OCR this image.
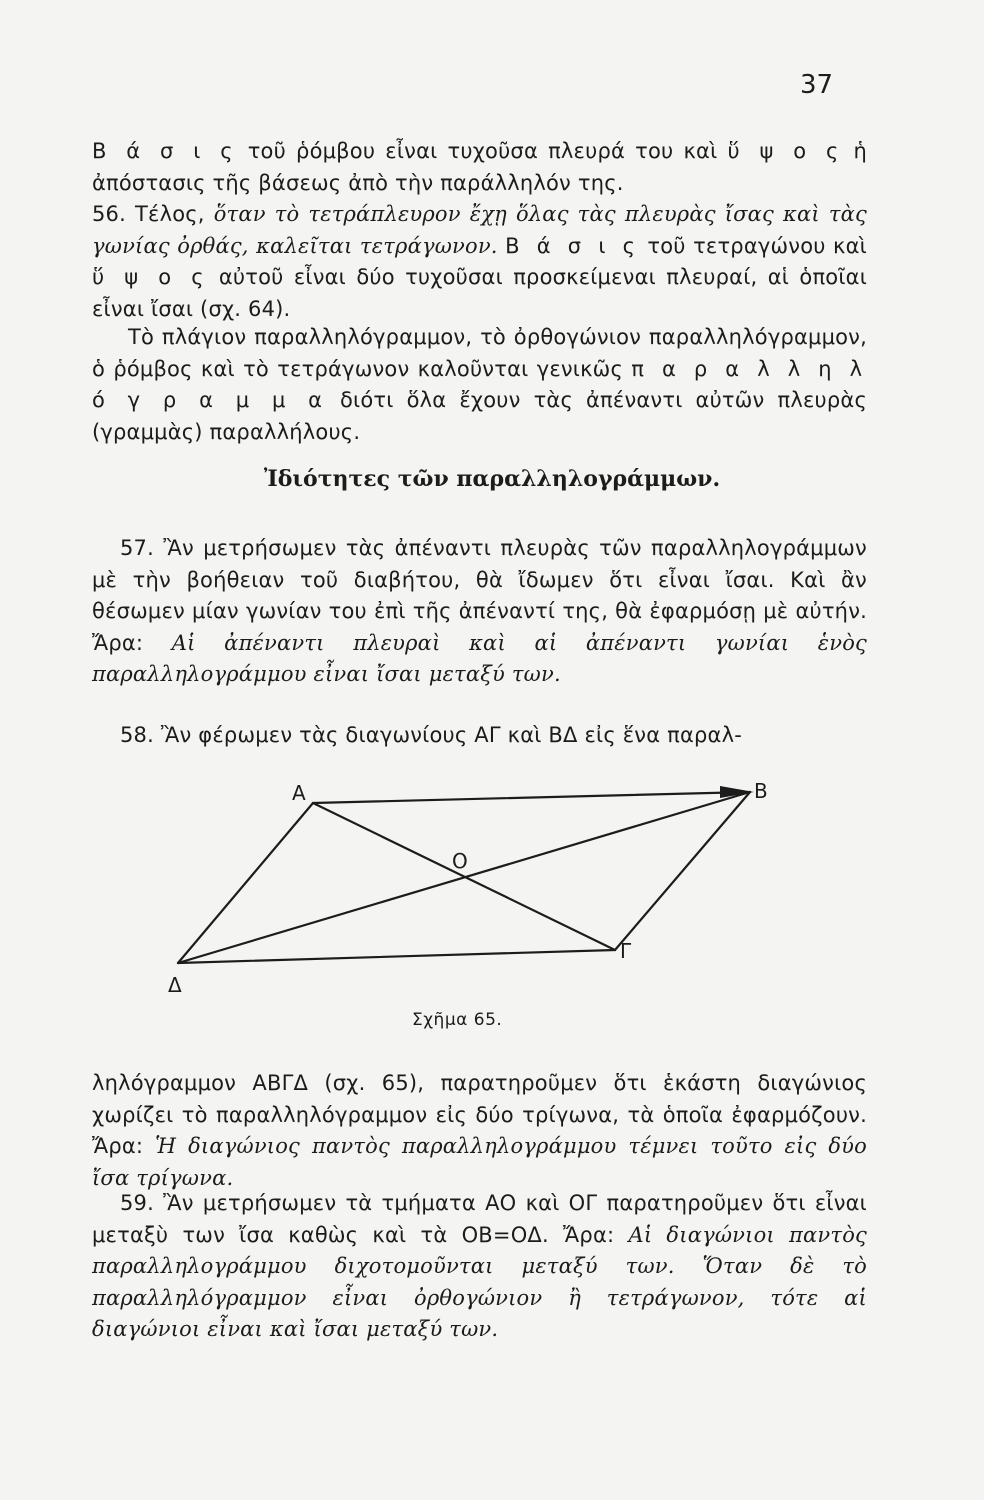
37

Β ά σ ι ς τοῦ ῥόμβου εἶναι τυχοῦσα πλευρά του καὶ ὕ ψ ο ς ἡ ἀπόστασις τῆς βάσεως ἀπὸ τὴν παράλληλόν της.

56. Τέλος, ὅταν τὸ τετράπλευρον ἔχῃ ὅλας τὰς πλευρὰς ἴσας καὶ τὰς γωνίας ὀρθάς, καλεῖται τετράγωνον. Β ά σ ι ς τοῦ τετραγώνου καὶ ὕ ψ ο ς αὐτοῦ εἶναι δύο τυχοῦσαι προσκείμεναι πλευραί, αἱ ὁποῖαι εἶναι ἴσαι (σχ. 64).

Τὸ πλάγιον παραλληλόγραμμον, τὸ ὀρθογώνιον παραλληλόγραμμον, ὁ ῥόμβος καὶ τὸ τετράγωνον καλοῦνται γενικῶς π α ρ α λ λ η λ ό γ ρ α μ μ α διότι ὅλα ἔχουν τὰς ἀπέναντι αὐτῶν πλευρὰς (γραμμὰς) παραλλήλους.

Ἰδιότητες τῶν παραλληλογράμμων.

57. Ἂν μετρήσωμεν τὰς ἀπέναντι πλευρὰς τῶν παραλληλογράμμων μὲ τὴν βοήθειαν τοῦ διαβήτου, θὰ ἴδωμεν ὅτι εἶναι ἴσαι. Καὶ ἂν θέσωμεν μίαν γωνίαν του ἐπὶ τῆς ἀπέναντί της, θὰ ἐφαρμόσῃ μὲ αὐτήν. Ἄρα: Αἱ ἀπέναντι πλευραὶ καὶ αἱ ἀπέναντι γωνίαι ἑνὸς παραλληλογράμμου εἶναι ἴσαι μεταξύ των.

58. Ἂν φέρωμεν τὰς διαγωνίους ΑΓ καὶ ΒΔ εἰς ἕνα παραλ-

Α	Β
Γ
Δ
Ο
Σχῆμα 65.

ληλόγραμμον ΑΒΓΔ (σχ. 65), παρατηροῦμεν ὅτι ἑκάστη διαγώνιος χωρίζει τὸ παραλληλόγραμμον εἰς δύο τρίγωνα, τὰ ὁποῖα ἐφαρμόζουν. Ἄρα: Ἡ διαγώνιος παντὸς παραλληλογράμμου τέμνει τοῦτο εἰς δύο ἴσα τρίγωνα.

59. Ἂν μετρήσωμεν τὰ τμήματα ΑΟ καὶ ΟΓ παρατηροῦμεν ὅτι εἶναι μεταξὺ των ἴσα καθὼς καὶ τὰ ΟΒ=ΟΔ. Ἄρα: Αἱ διαγώνιοι παντὸς παραλληλογράμμου διχοτομοῦνται μεταξύ των. Ὅταν δὲ τὸ παραλληλόγραμμον εἶναι ὀρθογώνιον ἢ τετράγωνον, τότε αἱ διαγώνιοι εἶναι καὶ ἴσαι μεταξύ των.
